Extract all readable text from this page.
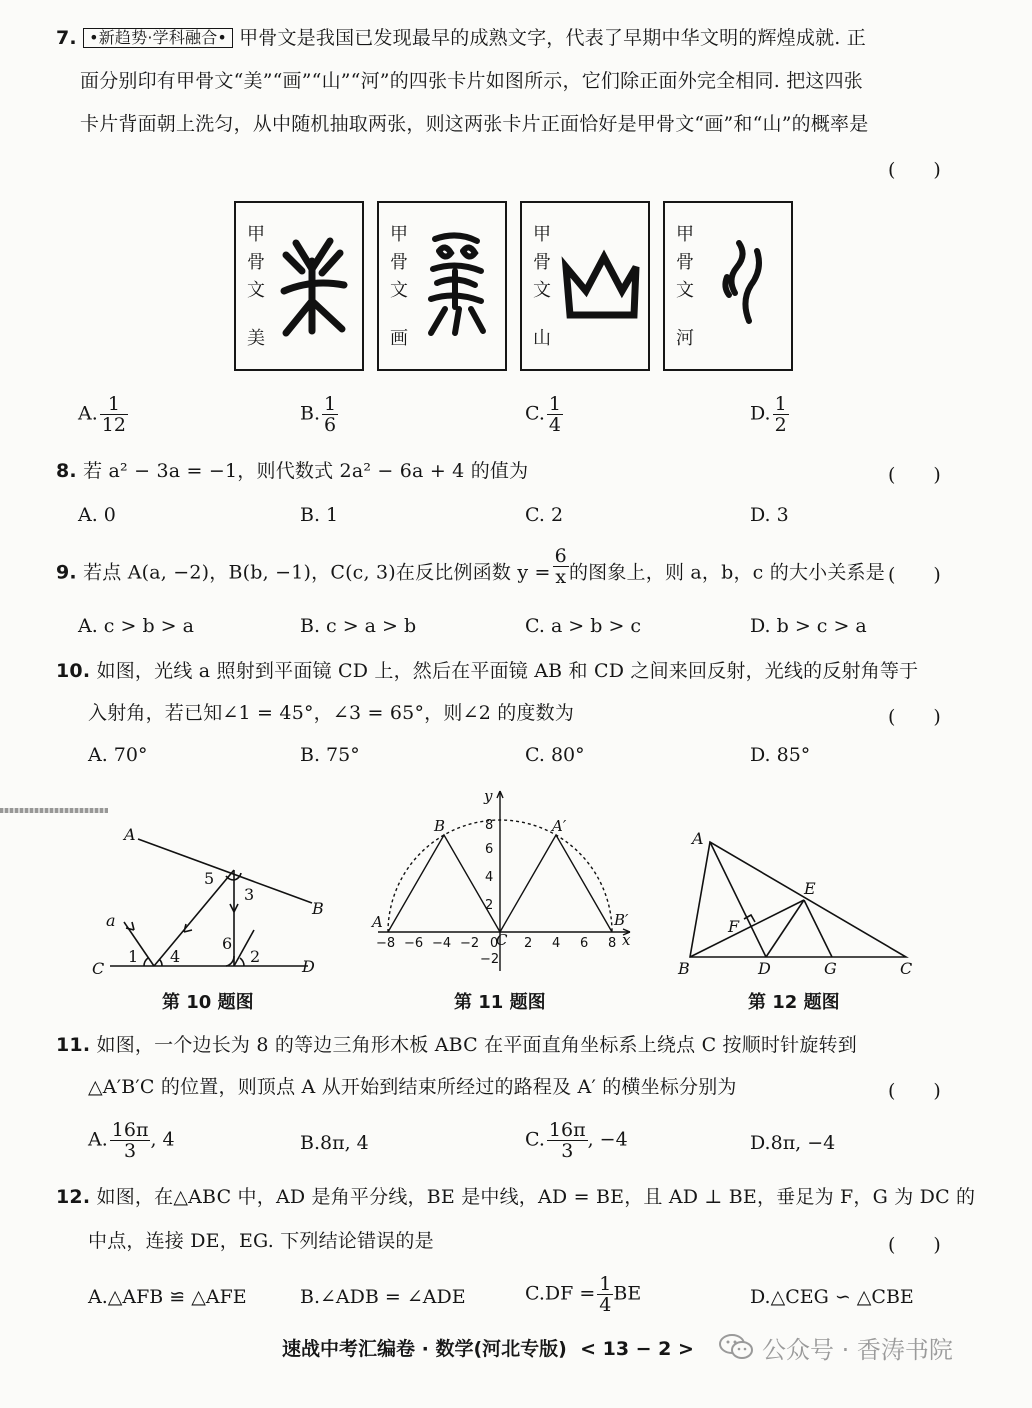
7. •新趋势·学科融合• 甲骨文是我国已发现最早的成熟文字，代表了早期中华文明的辉煌成就. 正
面分别印有甲骨文“美”“画”“山”“河”的四张卡片如图所示，它们除正面外完全相同. 把这四张
卡片背面朝上洗匀，从中随机抽取两张，则这两张卡片正面恰好是甲骨文“画”和“山”的概率是
(　　)
甲
骨
文
美
甲
骨
文
画
甲
骨
文
山
甲
骨
文
河
A. $\frac{1}{12}$	B. $\frac{1}{6}$	C. $\frac{1}{4}$	D. $\frac{1}{2}$
8. 若 a² − 3a = −1，则代数式 2a² − 6a + 4 的值为	(　　)
A. 0	B. 1	C. 2	D. 3
9. 若点 A(a, −2)，B(b, −1)，C(c, 3)在反比例函数 $y = \frac{6}{x}$ 的图象上，则 a，b，c 的大小关系是 (　　)
A. c > b > a	B. c > a > b	C. a > b > c	D. b > c > a
10. 如图，光线 a 照射到平面镜 CD 上，然后在平面镜 AB 和 CD 之间来回反射，光线的反射角等于
入射角，若已知∠1 = 45°，∠3 = 65°，则∠2 的度数为	(　　)
A. 70°	B. 75°	C. 80°	D. 85°
A
B
C	D
a
1 4
5
3
6
2
第 10 题图
−8 −6 −4 −2 0 2 4 6 8
8
6
4
2
−2
y
x
B	A′
A
C
B′
第 11 题图
A
B	C
D
E
F
G
第 12 题图
11. 如图，一个边长为 8 的等边三角形木板 ABC 在平面直角坐标系上绕点 C 按顺时针旋转到
△A′B′C 的位置，则顶点 A 从开始到结束所经过的路程及 A′ 的横坐标分别为	(　　)
A. $\frac{16\pi}{3}$ , 4	B.8π, 4	C. $\frac{16\pi}{3}$ , −4	D.8π, −4
12. 如图，在△ABC 中，AD 是角平分线，BE 是中线，AD = BE，且 AD ⊥ BE，垂足为 F，G 为 DC 的
中点，连接 DE，EG. 下列结论错误的是	(　　)
A.△AFB ≌ △AFE	B.∠ADB = ∠ADE	$C.DF = \frac{1}{4}$ BE	D.△CEG ∽ △CBE
速战中考汇编卷 · 数学(河北专版) < 13 − 2 >	公众号 · 香涛书院
